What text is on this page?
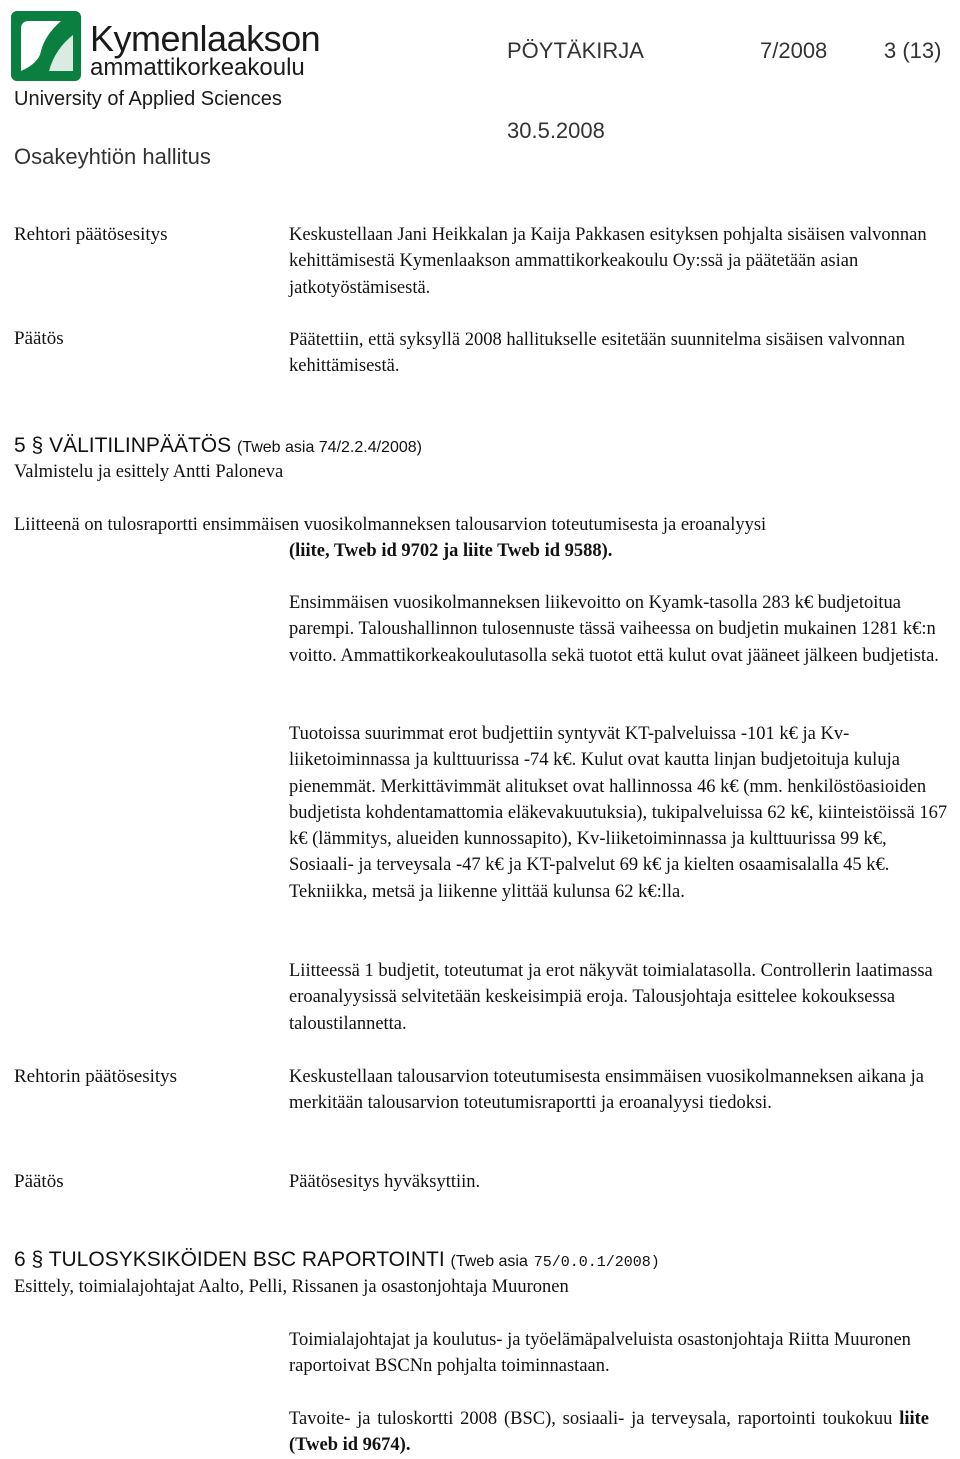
Kymenlaakson
ammattikorkeakoulu
University of Applied Sciences
PÖYTÄKIRJA	7/2008	3 (13)
30.5.2008
Osakeyhtiön hallitus
Rehtori päätösesitys	Keskustellaan Jani Heikkalan ja Kaija Pakkasen esityksen pohjalta sisäisen valvonnan kehittämisestä Kymenlaakson ammattikorkeakoulu Oy:ssä ja päätetään asian jatkotyöstämisestä.
Päätös	Päätettiin, että syksyllä 2008 hallitukselle esitetään suunnitelma sisäisen valvonnan kehittämisestä.
5 § VÄLITILINPÄÄTÖS (Tweb asia 74/2.2.4/2008)
Valmistelu ja esittely Antti Paloneva
Liitteenä on tulosraportti ensimmäisen vuosikolmanneksen talousarvion toteutumisesta ja eroanalyysi
(liite, Tweb id 9702 ja liite Tweb id 9588).
Ensimmäisen vuosikolmanneksen liikevoitto on Kyamk-tasolla 283 k€ budjetoitua parempi. Taloushallinnon tulosennuste tässä vaiheessa on budjetin mukainen 1281 k€:n voitto. Ammattikorkeakoulutasolla sekä tuotot että kulut ovat jääneet jälkeen budjetista.
Tuotoissa suurimmat erot budjettiin syntyvät KT-palveluissa -101 k€ ja Kv-liiketoiminnassa ja kulttuurissa -74 k€. Kulut ovat kautta linjan budjetoituja kuluja pienemmät. Merkittävimmät alitukset ovat hallinnossa 46 k€ (mm. henkilöstöasioiden budjetista kohdentamattomia eläkevakuutuksia), tukipalveluissa 62 k€, kiinteistöissä 167 k€ (lämmitys, alueiden kunnossapito), Kv-liiketoiminnassa ja kulttuurissa 99 k€, Sosiaali- ja terveysala -47 k€ ja KT-palvelut 69 k€ ja kielten osaamisalalla 45 k€. Tekniikka, metsä ja liikenne ylittää kulunsa 62 k€:lla.
Liitteessä 1 budjetit, toteutumat ja erot näkyvät toimialatasolla. Controllerin laatimassa eroanalyysissä selvitetään keskeisimpiä eroja. Talousjohtaja esittelee kokouksessa taloustilannetta.
Rehtorin päätösesitys	Keskustellaan talousarvion toteutumisesta ensimmäisen vuosikolmanneksen aikana ja merkitään talousarvion toteutumisraportti ja eroanalyysi tiedoksi.
Päätös	Päätösesitys hyväksyttiin.
6 § TULOSYKSIKÖIDEN BSC RAPORTOINTI (Tweb asia 75/0.0.1/2008)
Esittely, toimialajohtajat Aalto, Pelli, Rissanen ja osastonjohtaja Muuronen
Toimialajohtajat ja koulutus- ja työelämäpalveluista osastonjohtaja Riitta Muuronen raportoivat BSCNn pohjalta toiminnastaan.
Tavoite- ja tuloskortti 2008 (BSC), sosiaali- ja terveysala, raportointi toukokuu liite (Tweb id 9674).
